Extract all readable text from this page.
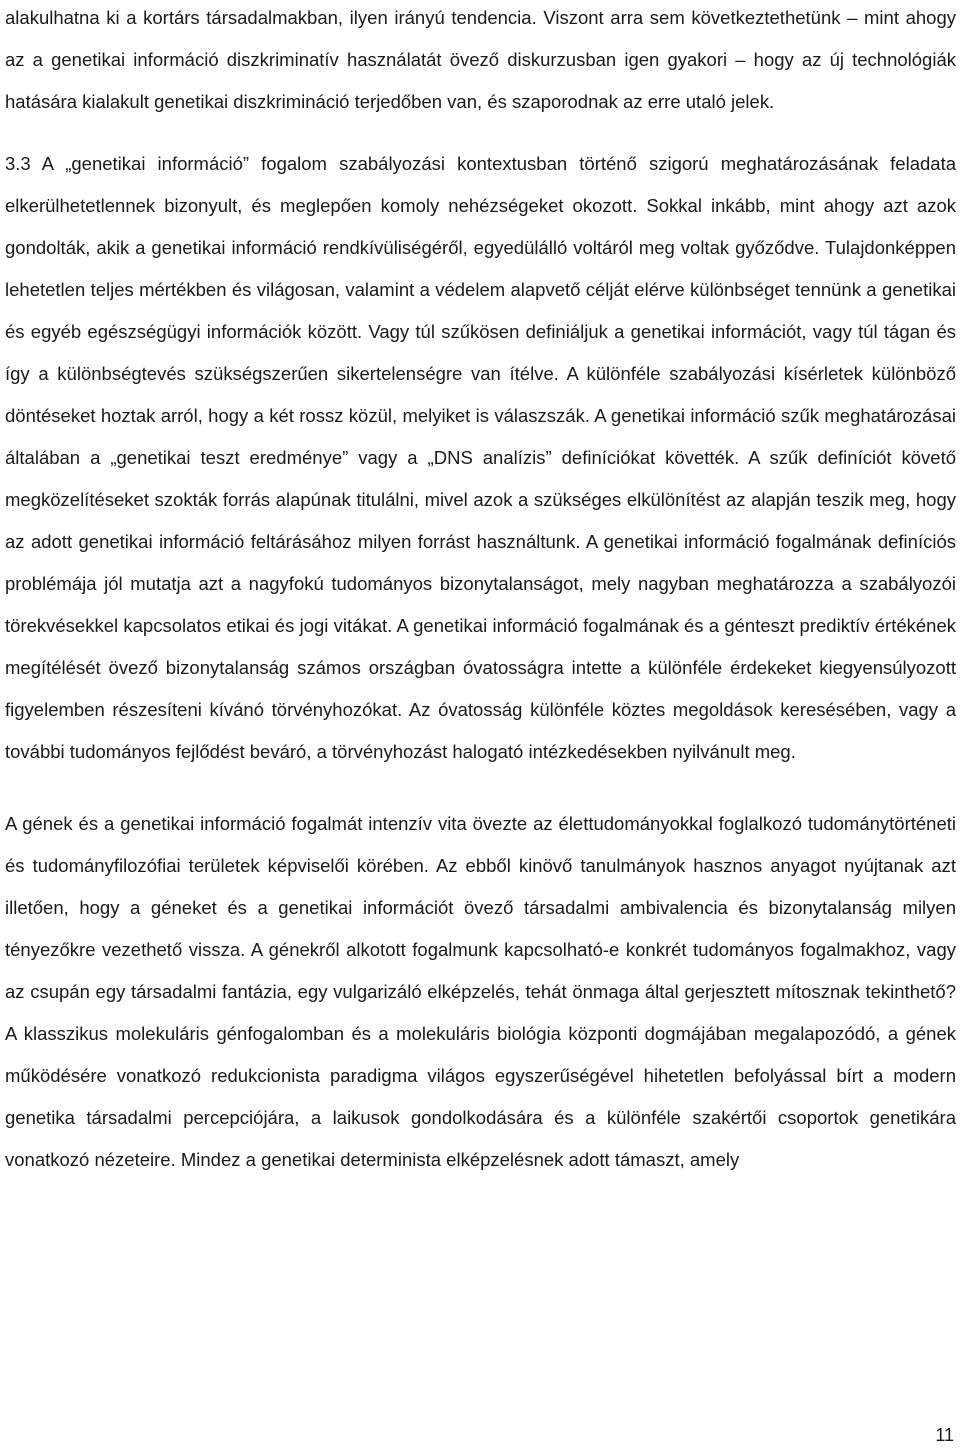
alakulhatna ki a kortárs társadalmakban, ilyen irányú tendencia. Viszont arra sem következtethetünk – mint ahogy az a genetikai információ diszkriminatív használatát övező diskurzusban igen gyakori – hogy az új technológiák hatására kialakult genetikai diszkrimináció terjedőben van, és szaporodnak az erre utaló jelek.

3.3 A „genetikai információ” fogalom szabályozási kontextusban történő szigorú meghatározásának feladata elkerülhetetlennek bizonyult, és meglepően komoly nehézségeket okozott. Sokkal inkább, mint ahogy azt azok gondolták, akik a genetikai információ rendkívüliségéről, egyedülálló voltáról meg voltak győződve. Tulajdonképpen lehetetlen teljes mértékben és világosan, valamint a védelem alapvető célját elérve különbséget tennünk a genetikai és egyéb egészségügyi információk között. Vagy túl szűkösen definiáljuk a genetikai információt, vagy túl tágan és így a különbségtevés szükségszerűen sikertelenségre van ítélve. A különféle szabályozási kísérletek különböző döntéseket hoztak arról, hogy a két rossz közül, melyiket is válaszszák. A genetikai információ szűk meghatározásai általában a „genetikai teszt eredménye” vagy a „DNS analízis” definíciókat követték. A szűk definíciót követő megközelítéseket szokták forrás alapúnak titulálni, mivel azok a szükséges elkülönítést az alapján teszik meg, hogy az adott genetikai információ feltárásához milyen forrást használtunk. A genetikai információ fogalmának definíciós problémája jól mutatja azt a nagyfokú tudományos bizonytalanságot, mely nagyban meghatározza a szabályozói törekvésekkel kapcsolatos etikai és jogi vitákat. A genetikai információ fogalmának és a génteszt prediktív értékének megítélését övező bizonytalanság számos országban óvatosságra intette a különféle érdekeket kiegyensúlyozott figyelemben részesíteni kívánó törvényhozókat. Az óvatosság különféle köztes megoldások keresésében, vagy a további tudományos fejlődést beváró, a törvényhozást halogató intézkedésekben nyilvánult meg.

A gének és a genetikai információ fogalmát intenzív vita övezte az élettudományokkal foglalkozó tudománytörténeti és tudományfilozófiai területek képviselői körében. Az ebből kinövő tanulmányok hasznos anyagot nyújtanak azt illetően, hogy a géneket és a genetikai információt övező társadalmi ambivalencia és bizonytalanság milyen tényezőkre vezethető vissza. A génekről alkotott fogalmunk kapcsolható-e konkrét tudományos fogalmakhoz, vagy az csupán egy társadalmi fantázia, egy vulgarizáló elképzelés, tehát önmaga által gerjesztett mítosznak tekinthető? A klasszikus molekuláris génfogalomban és a molekuláris biológia központi dogmájában megalapozódó, a gének működésére vonatkozó redukcionista paradigma világos egyszerűségével hihetetlen befolyással bírt a modern genetika társadalmi percepciójára, a laikusok gondolkodására és a különféle szakértői csoportok genetikára vonatkozó nézeteire. Mindez a genetikai determinista elképzelésnek adott támaszt, amely

11
